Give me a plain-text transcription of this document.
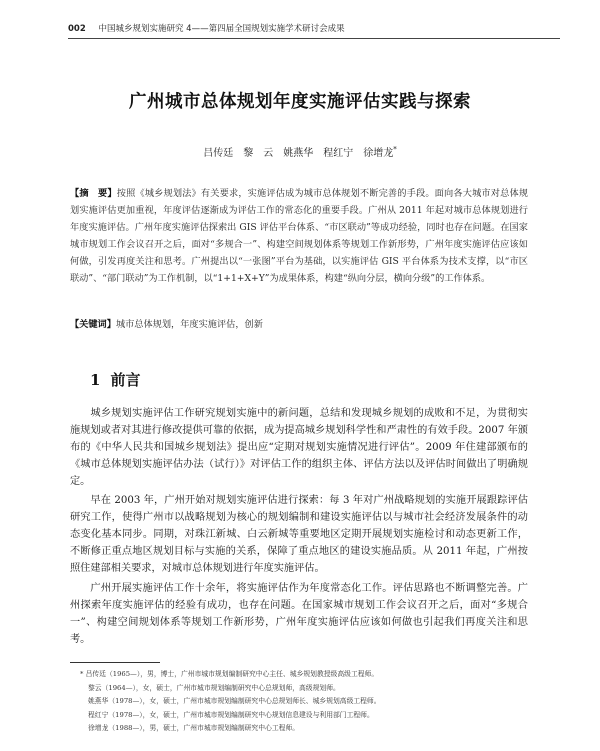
002 中国城乡规划实施研究 4——第四届全国规划实施学术研讨会成果
广州城市总体规划年度实施评估实践与探索
吕传廷　黎　云　姚燕华　程红宁　徐增龙*
【摘　要】按照《城乡规划法》有关要求，实施评估成为城市总体规划不断完善的手段。面向各大城市对总体规划实施评估更加重视，年度评估逐渐成为评估工作的常态化的重要手段。广州从 2011 年起对城市总体规划进行年度实施评估。广州年度实施评估探索出 GIS 评估平台体系、“市区联动”等成功经验，同时也存在问题。在国家城市规划工作会议召开之后，面对“多规合一”、构建空间规划体系等规划工作新形势，广州年度实施评估应该如何做，引发再度关注和思考。广州提出以“一张图”平台为基础，以实施评估 GIS 平台体系为技术支撑，以“市区联动”、“部门联动”为工作机制，以“1+1+X+Y”为成果体系，构建“纵向分层，横向分级”的工作体系。
【关键词】城市总体规划，年度实施评估，创新
1 前言
城乡规划实施评估工作研究规划实施中的新问题，总结和发现城乡规划的成败和不足，为贯彻实施规划或者对其进行修改提供可靠的依据，成为提高城乡规划科学性和严肃性的有效手段。2007 年颁布的《中华人民共和国城乡规划法》提出应“定期对规划实施情况进行评估”。2009 年住建部颁布的《城市总体规划实施评估办法（试行）》对评估工作的组织主体、评估方法以及评估时间做出了明确规定。
早在 2003 年，广州开始对规划实施评估进行探索：每 3 年对广州战略规划的实施开展跟踪评估研究工作，使得广州市以战略规划为核心的规划编制和建设实施评估以与城市社会经济发展条件的动态变化基本同步。同期，对珠江新城、白云新城等重要地区定期开展规划实施检讨和动态更新工作，不断修正重点地区规划目标与实施的关系，保障了重点地区的建设实施品质。从 2011 年起，广州按照住建部相关要求，对城市总体规划进行年度实施评估。
广州开展实施评估工作十余年，将实施评估作为年度常态化工作。评估思路也不断调整完善。广州探索年度实施评估的经验有成功，也存在问题。在国家城市规划工作会议召开之后，面对“多规合一”、构建空间规划体系等规划工作新形势，广州年度实施评估应该如何做也引起我们再度关注和思考。
* 吕传廷（1965—），男，博士，广州市城市规划编制研究中心主任、城乡规划教授级高级工程师。
黎云（1964—），女，硕士，广州市城市规划编制研究中心总规划师，高级规划师。
姚燕华（1978—），女，硕士，广州市城市规划编制研究中心总规划师长、城乡规划高级工程师。
程红宁（1978—），女，硕士，广州市城市规划编制研究中心规划信息建设与利用部门工程师。
徐增龙（1988—），男，硕士，广州市城市规划编制研究中心工程师。
